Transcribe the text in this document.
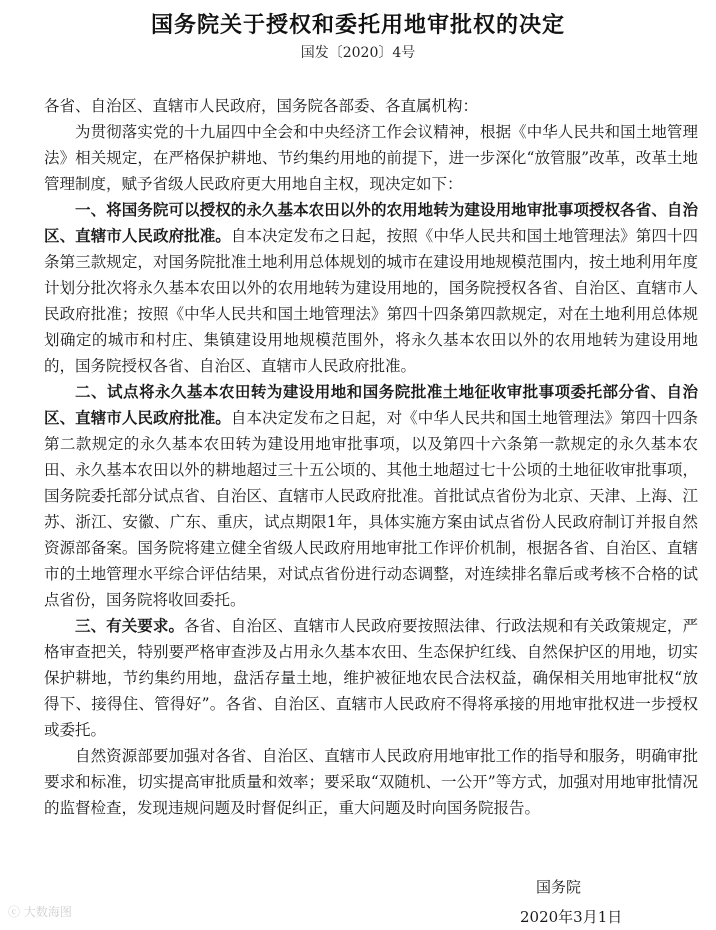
国务院关于授权和委托用地审批权的决定
国发〔2020〕4号

各省、自治区、直辖市人民政府，国务院各部委、各直属机构：

为贯彻落实党的十九届四中全会和中央经济工作会议精神，根据《中华人民共和国土地管理法》相关规定，在严格保护耕地、节约集约用地的前提下，进一步深化“放管服”改革，改革土地管理制度，赋予省级人民政府更大用地自主权，现决定如下：

一、将国务院可以授权的永久基本农田以外的农用地转为建设用地审批事项授权各省、自治区、直辖市人民政府批准。自本决定发布之日起，按照《中华人民共和国土地管理法》第四十四条第三款规定，对国务院批准土地利用总体规划的城市在建设用地规模范围内，按土地利用年度计划分批次将永久基本农田以外的农用地转为建设用地的，国务院授权各省、自治区、直辖市人民政府批准；按照《中华人民共和国土地管理法》第四十四条第四款规定，对在土地利用总体规划确定的城市和村庄、集镇建设用地规模范围外，将永久基本农田以外的农用地转为建设用地的，国务院授权各省、自治区、直辖市人民政府批准。

二、试点将永久基本农田转为建设用地和国务院批准土地征收审批事项委托部分省、自治区、直辖市人民政府批准。自本决定发布之日起，对《中华人民共和国土地管理法》第四十四条第二款规定的永久基本农田转为建设用地审批事项，以及第四十六条第一款规定的永久基本农田、永久基本农田以外的耕地超过三十五公顷的、其他土地超过七十公顷的土地征收审批事项，国务院委托部分试点省、自治区、直辖市人民政府批准。首批试点省份为北京、天津、上海、江苏、浙江、安徽、广东、重庆，试点期限1年，具体实施方案由试点省份人民政府制订并报自然资源部备案。国务院将建立健全省级人民政府用地审批工作评价机制，根据各省、自治区、直辖市的土地管理水平综合评估结果，对试点省份进行动态调整，对连续排名靠后或考核不合格的试点省份，国务院将收回委托。

三、有关要求。各省、自治区、直辖市人民政府要按照法律、行政法规和有关政策规定，严格审查把关，特别要严格审查涉及占用永久基本农田、生态保护红线、自然保护区的用地，切实保护耕地，节约集约用地，盘活存量土地，维护被征地农民合法权益，确保相关用地审批权“放得下、接得住、管得好”。各省、自治区、直辖市人民政府不得将承接的用地审批权进一步授权或委托。

自然资源部要加强对各省、自治区、直辖市人民政府用地审批工作的指导和服务，明确审批要求和标准，切实提高审批质量和效率；要采取“双随机、一公开”等方式，加强对用地审批情况的监督检查，发现违规问题及时督促纠正，重大问题及时向国务院报告。

国务院
2020年3月1日
ⓒ 大数海图
